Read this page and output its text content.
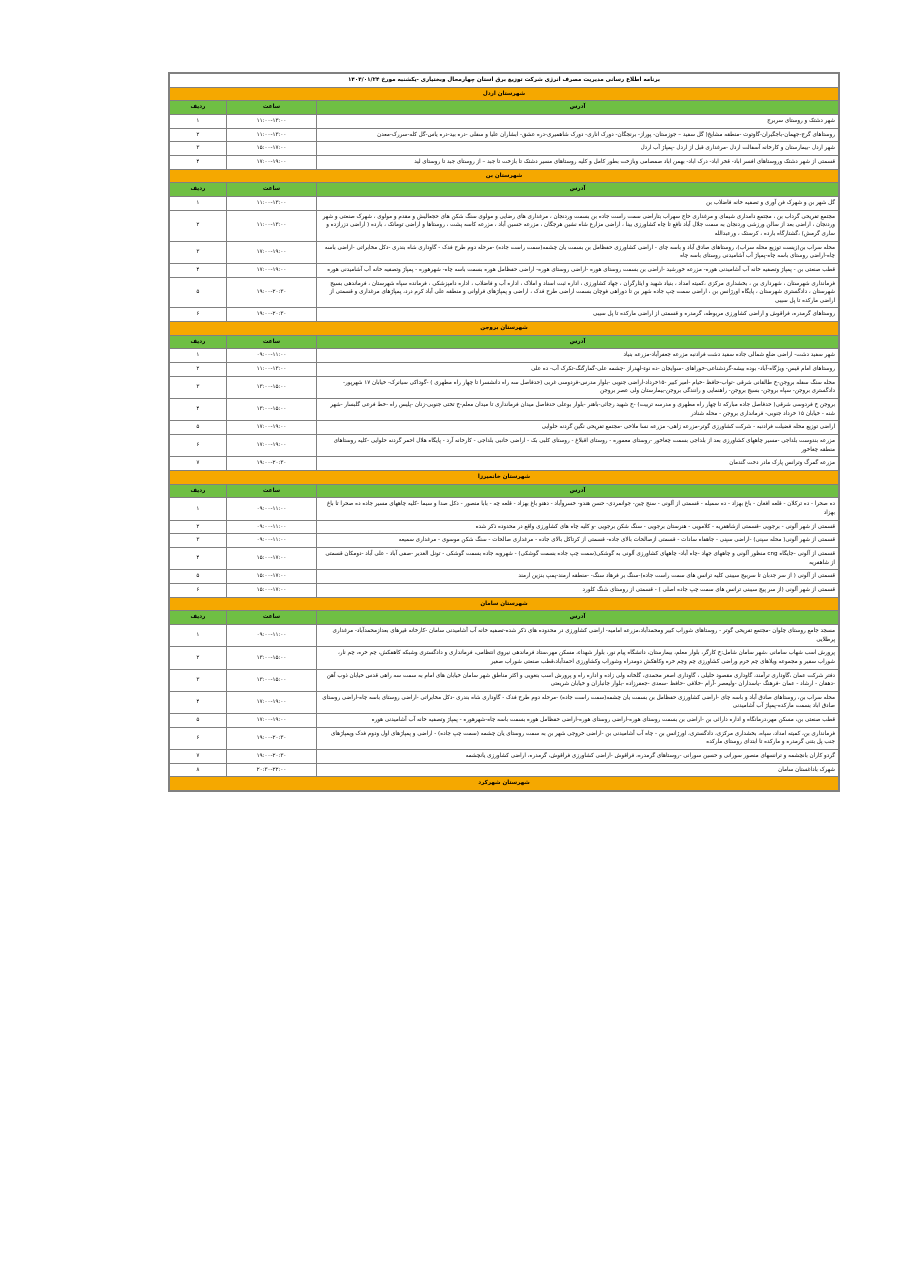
برنامه اطلاع رسانی مدیریت مصرف انرژی شرکت توزیع برق استان چهارمحال وبختیاری -یکشنبه مورخ ۱۴۰۴/۰۱/۲۴		
شهرستان اردل		
آدرس	ساعت	ردیف
شهر دشتک و روستای سربرج	۱۱:۰۰-۱۳:۰۰	۱
روستاهای گرج-جهمان-باجگیران-گاوتوت -منطقه مشایخ( گل سفید – جوزستان- پوراز- برنجگان- دورک اناری- دورک شاهمیری-دره عشق- ابشاران علیا و سفلی -دره بید-دره یاس-گل کله-سررک-معدن	۱۱:۰۰-۱۳:۰۰	۲
شهر اردل -بیمارستان و کارخانه آسفالت اردل -مرغداری قبل از اردل -پمپاژ آب اردل	۱۵:۰۰-۱۷:۰۰	۳
قسمتی از شهر دشتک وروستاهای افسر اباد- قخر اباد- درک اباد- بهمن اباد صمصامی وبازخت بطور کامل و کلیه روستاهای مسیر دشتک تا بازخت تا جبد – از روستای جبد تا روستای لید	۱۷:۰۰-۱۹:۰۰	۴
شهرستان بن		
آدرس	ساعت	ردیف
گل شهر بن و شهرک فن آوری و تصفیه خانه فاضلاب بن	۱۱:۰۰-۱۳:۰۰	۱
مجتمع تفریحی گرداب بن ، مجتمع دامداری شیمای و مرغداری حاج سهراب بتاراضی سمت راست جاده بن بسمت وردنجان ، مرغداری های رضایی و مولوی سنگ شکن های حجعالیش و مقدم و مولوی ، شهرک صنعتی و شهر وردنجان ، اراضی بعد از سالن ورزشی وردنجان به سمت جلال آباد نافع تا چاه کشاورزی بینا ، اراضی مزارع شاه نشین هرجگان ، مزرعه حسین آباد ، مزرعه کاسه پشت ، روستاها و اراضی تومانک ، بارده ( اراضی دزرازده و ساری گرمش) ،گشتارگاه بارده ، کرستک ، ورعبدالله	۱۱:۰۰-۱۳:۰۰	۲
محله سراب بن(زیست توزیع محله سراب)، روستاهای صادق آباد و باسه چای - اراضی کشاورزی حفظامل بن بسمت یان چشمه(سمت راست جاده) -مرحله دوم طرح فدک - گاوداری شاه بندری -دکل مخابراتی -اراضی باسه چاه-اراضی روستای باسه چاه-پمپاژ آب آشامیدنی روستای باسه چاه	۱۷:۰۰-۱۹:۰۰	۳
قطب صنعتی بن - پمپاژ وتصفیه خانه آب آشامیدنی هوره- مزرعه خورشید -اراضی بن بسمت روستای هوره -اراضی روستای هوره- اراضی حفظامل هوره بسمت باسه چاه- شهرهوره - پمپاژ وتصفیه خانه آب آشامیدنی هوره	۱۷:۰۰-۱۹:۰۰	۴
فرمانداری شهرستان ، شهرداری بن ، بخشداری مرکزی ،کمیته امداد ، بنیاد شهید و ایثارگران ، جهاد کشاورزی ، اداره ثبت اسناد و املاک ، اداره آب و فاضلاب ، اداره دامپزشکی ، فرمانده سپاه شهرستان ، فرماندهی بسیج شهرستان ، دادگستری شهرستان ، پایگاه اورژانس بن ، اراضی سمت چپ جاده شهر بن تا دوراهی فوچان بسمت اراضی طرح فدک ، اراضی و پمپاژهای فراوانی و منطقه علی آباد کرم درد، پمپاژهای مرغداری و قسمتی از اراضی مارکده تا پل سیبی	۱۹:۰۰-۲۰:۳۰	۵
روستاهای گرمدره، فراقوش و اراضی کشاورزی مربوطه، گرمدره و قسمتی از اراضی مارکده تا پل سیبی	۱۹:۰۰-۲۰:۳۰	۶
شهرستان بروجن		
آدرس	ساعت	ردیف
شهر سفید دشت- اراضی ضلع شمالی جاده سفید دشت فرادنبه مزرعه جعفرآباد-مزرعه بنیاد	۰۹:۰۰-۱۱:۰۰	۱
روستاهای امام قیس- ویژگاه-آباد- بوده بیشه-گردشناعی-خوراهای -سوایجان -ده نوء-لهدراز -چشمه علی-گمارگنگ-تکرک آب- ده علی	۱۱:۰۰-۱۳:۰۰	۲
محله سنگ سفله بروجن-خ طالقانی شرقی -تواب-حافظ -خیام -امیر کبیر -۱۵خرداد-اراضی جنوبی -بلوار مدرس-فردوسی غربی (حدفاصل سه راه دانشسرا تا چهار راه مطهری ) -گوداکی سیانرک- خیابان ۱۷ شهرپور- دادگستری بروجن- سپاه بروجن- بسیج بروجن- راهنمایی و رانندگی بروجن-بیمارستان ولی عصر بروجن	۱۳:۰۰-۱۵:۰۰	۳
بروجن خ فردوسی شرقی( حدفاصل جاده مبارکه تا چهار راه مطهری و مدرسه تربیت) -خ شهید رجائی-باهنر -بلوار بوعلی حدفاصل میدان فرمانداری تا میدان معلم-خ تختی جنوبی-زنان -پلیس راه -خط فرعی گلبسار -شهر شنه - خیابان ۱۵ خرداد جنوبی- فرمانداری بروجن - محله شنادر	۱۳:۰۰-۱۵:۰۰	۴
اراضی توزیع محله فضیلت فرادنبه - شرکت کشاورزی گوتر-مزرعه زاهی- مزرعه نسا ملاحی -مجتمع تفریحی نگین گردنه حلوایی	۱۷:۰۰-۱۹:۰۰	۵
مزرعه بندوست بلداجی -مسیر چاههای کشاورزی بعد از بلداجی بسمت چغاخور -روستای معموره - روستای اقبلاغ - روستای کلبی بک - اراضی خانبی بلداجی - کارخانه آرد - پایگاه هلال احمر گردنه حلوایی -کلیه روستاهای منطقه چغاخور	۱۷:۰۰-۱۹:۰۰	۶
مزرعه گمرگ وترانس پارک مادر دخت گندمان	۱۹:۰۰-۲۰:۳۰	۷
شهرستان خانمیرزا		
آدرس	ساعت	ردیف
ده صحرا - ده ترکلان - قلعه افغان - باغ بهزاد - ده سمیله - قسمتی از آلونی - سنج چین- جوانمردی- حسن هندو- خسروآباد - دهنو باغ بهزاد - قلعه چه - بابا منصور - دکل صدا و سیما -کلیه چاههای مسیر جاده ده صحرا تا باغ بهزاد	۰۹:۰۰-۱۱:۰۰	۱
قسمتی از شهر آلونی - برجویی -قسمتی ازشاهفریه - کلامویی - هنرستان برجویی - سنگ شکن برجویی -و کلیه چاه های کشاورزی واقع در محدوده ذکر شده	۰۹:۰۰-۱۱:۰۰	۲
قسمتی از شهر آلونی( محله سپنی) -اراضی سپنی - جاهفاه سادات - قسمتی ازصالحات بالای جاده- قسمتی از کرتاکل بالای جاده - مرغداری صالحات - سنگ شکن موسوی - مرغداری سمیعه	۰۹:۰۰-۱۱:۰۰	۳
قسمتی از آلونی -جایگاه cng منظور آلونی و چاههای جهاد -چاه آباد- چاههای کشاورزی آلونی به گوشکی(سمت چپ جاده بسمت گوشکی) - شهروبه جاده بسمت گوشکی - تونل الغدیر -صفی آباد - علی آباد -دومکان قسمتی از شاهفریه	۱۵:۰۰-۱۷:۰۰	۴
قسمتی از آلونی ( از سر جدبان تا سربیج سیبنی کلیه ترانس های سمت راست جاده)-سنگ بر فرهاد سنگ- -منطقه ارمند-پمپ بنزین ارمند	۱۵:۰۰-۱۷:۰۰	۵
قسمتی از شهر آلونی (از سر پیچ سیبنی ترانس های سمت چپ جاده اصلی ) - قسمتی از روستای شنگ کلورد	۱۵:۰۰-۱۷:۰۰	۶
شهرستان سامان		
آدرس	ساعت	ردیف
مسجد جامع روستای چلوان -مجتمع تفریحی گوتر - روستاهای شوراب کبیر ومحمدآباد،مزرعه امامیه- اراضی کشاورزی در محدوده های ذکر شده-تصفیه خانه آب آشامیدنی سامان -کارخانه قیرهای بعدازمحمدآباد- مرغداری پرطلایی	۰۹:۰۰-۱۱:۰۰	۱
پرورش اسب شهاب سامانی ،شهر سامان شامل:خ کارگر، بلوار معلم، بیمارستان، دانشگاه پیام نور، بلوار شهداء، مسکن مهر،ستاد فرماندهی نیروی انتظامی، فرمانداری و دادگستری وشبکه کاهفکش، چم خره، چم نار، شوراب سفیر و مجموعه ویلاهای چم خرم وراضی کشاورزی چم وچم خره وکاهکش دومدراه وشوراب وکشاورزی احمدآباد،قطب صنعتی شوراب صغیر	۱۳:۰۰-۱۵:۰۰	۲
دفتر شرکت عمان ،گاوداری ترآمند، گاوداری مقصود خلیلی ، گاوداری اصغر محمدی، گلخانه ولی زاده و اداره راه و پرورش اسب بنغویی و اکثر مناطق شهر سامان خیابان های امام به سمت سه راهی قدس خیابان ذوب آهن -دهقان - ارشاد - عمان -فرهنگ -یاسداران -ولیعصر -آرام -خلافی -حافظ -سعدی -جعفرزاده -بلوار جانباران و خیابان شریعتی	۱۳:۰۰-۱۵:۰۰	۳
محله سراب بن، روستاهای صادق آباد و باسه چای -اراضی کشاورزی حفظامل بن بسمت یان چشمه(سمت راست جاده) -مرحله دوم طرح فدک - گاوداری شاه بندری -دکل مخابراتی -اراضی روستای باسه چاه-اراضی روستای صادق اباد بسمت مارکده-پمپاژ آب آشامیدنی	۱۷:۰۰-۱۹:۰۰	۴
قطب صنعتی بن، مسکن مهر،درمانگاه و اداره دارائی بن -اراضی بن بسمت روستای هوره-اراضی روستای هوره-اراضی حفظامل هوره بسمت باسه چاه-شهرهوره - پمپاژ وتصفیه خانه آب آشامیدنی هوره	۱۷:۰۰-۱۹:۰۰	۵
فرمانداری بن، کمیته امداد، سپاه، بخشداری مرکزی، دادگستری، اورژانس بن - چاه آب آشامیدنی بن -اراضی خروجی شهر بن به سمت روستای یان چشمه (سمت چپ جاده) - اراضی و پمپاژهای اول ودوم فدک وپمپاژهای جنب پل بتنی گرمدره و مارکده تا ابتدای روستای مارکده	۱۹:۰۰-۲۰:۳۰	۶
گردو کاران بانچشمه و ترانسهای منصور سورانی و حسین سورانی -روستاهای گرمدره، فراقوش -اراضی کشاورزی فراقوش، گرمدره، اراضی کشاورزی یانچشمه	۱۹:۰۰-۲۰:۳۰	۷
شهرک باداغستان سامان	۲۰:۳۰-۲۲:۰۰	۸
شهرستان شهرکرد		
